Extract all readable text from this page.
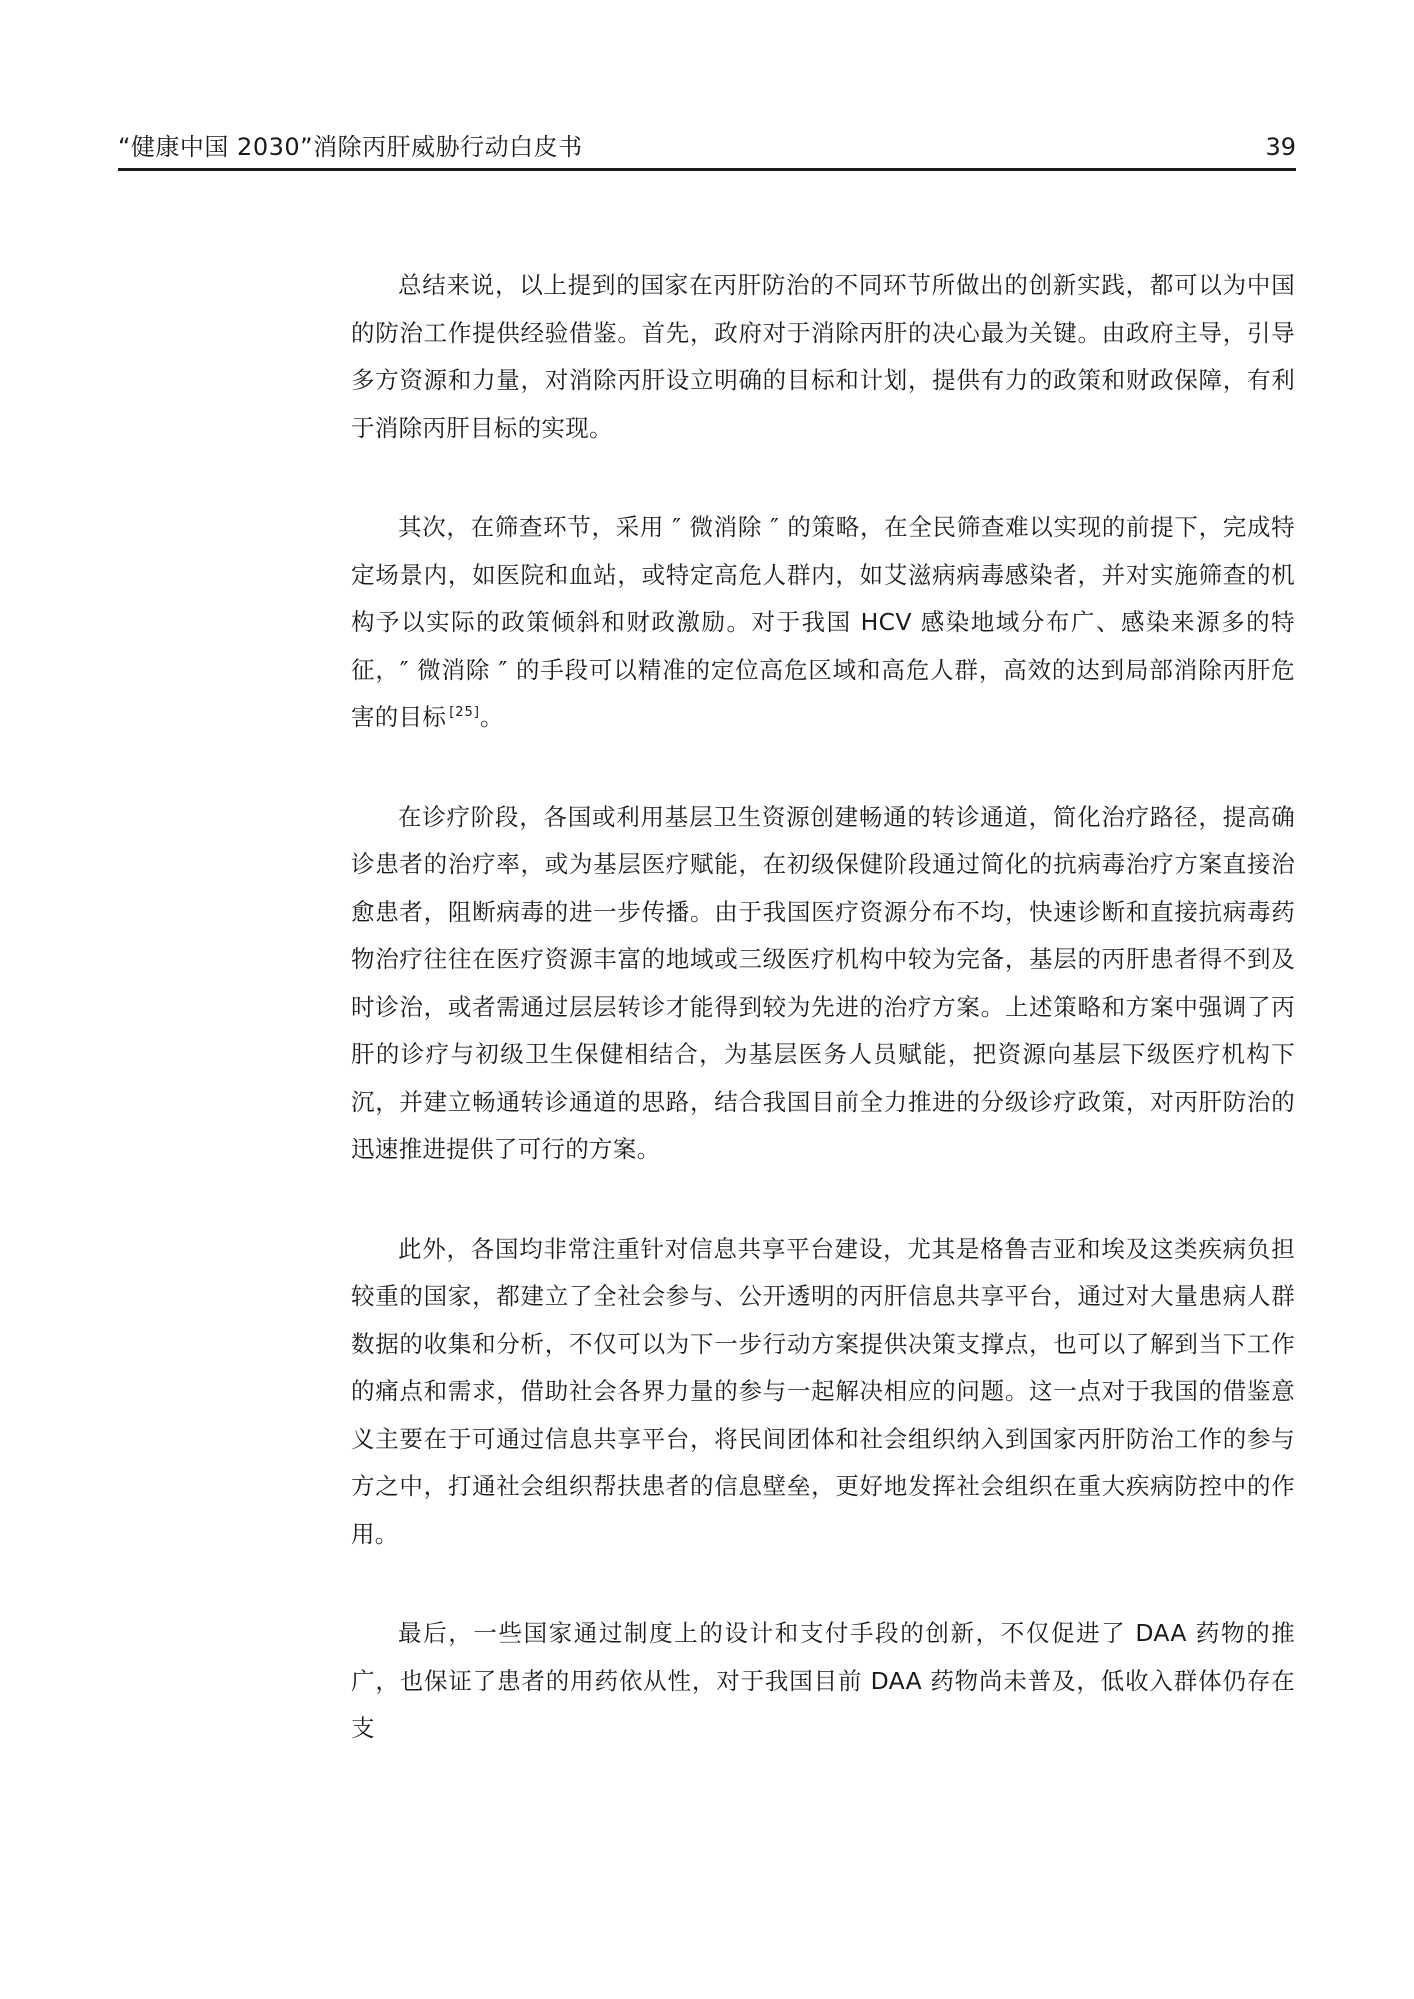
“健康中国 2030”消除丙肝威胁行动白皮书	39

总结来说，以上提到的国家在丙肝防治的不同环节所做出的创新实践，都可以为中国的防治工作提供经验借鉴。首先，政府对于消除丙肝的决心最为关键。由政府主导，引导多方资源和力量，对消除丙肝设立明确的目标和计划，提供有力的政策和财政保障，有利于消除丙肝目标的实现。

其次，在筛查环节，采用 ″ 微消除 ″ 的策略，在全民筛查难以实现的前提下，完成特定场景内，如医院和血站，或特定高危人群内，如艾滋病病毒感染者，并对实施筛查的机构予以实际的政策倾斜和财政激励。对于我国 HCV 感染地域分布广、感染来源多的特征，″ 微消除 ″ 的手段可以精准的定位高危区域和高危人群，高效的达到局部消除丙肝危害的目标 [25]。

在诊疗阶段，各国或利用基层卫生资源创建畅通的转诊通道，简化治疗路径，提高确诊患者的治疗率，或为基层医疗赋能，在初级保健阶段通过简化的抗病毒治疗方案直接治愈患者，阻断病毒的进一步传播。由于我国医疗资源分布不均，快速诊断和直接抗病毒药物治疗往往在医疗资源丰富的地域或三级医疗机构中较为完备，基层的丙肝患者得不到及时诊治，或者需通过层层转诊才能得到较为先进的治疗方案。上述策略和方案中强调了丙肝的诊疗与初级卫生保健相结合，为基层医务人员赋能，把资源向基层下级医疗机构下沉，并建立畅通转诊通道的思路，结合我国目前全力推进的分级诊疗政策，对丙肝防治的迅速推进提供了可行的方案。

此外，各国均非常注重针对信息共享平台建设，尤其是格鲁吉亚和埃及这类疾病负担较重的国家，都建立了全社会参与、公开透明的丙肝信息共享平台，通过对大量患病人群数据的收集和分析，不仅可以为下一步行动方案提供决策支撑点，也可以了解到当下工作的痛点和需求，借助社会各界力量的参与一起解决相应的问题。这一点对于我国的借鉴意义主要在于可通过信息共享平台，将民间团体和社会组织纳入到国家丙肝防治工作的参与方之中，打通社会组织帮扶患者的信息壁垒，更好地发挥社会组织在重大疾病防控中的作用。

最后，一些国家通过制度上的设计和支付手段的创新，不仅促进了 DAA 药物的推广，也保证了患者的用药依从性，对于我国目前 DAA 药物尚未普及，低收入群体仍存在支
